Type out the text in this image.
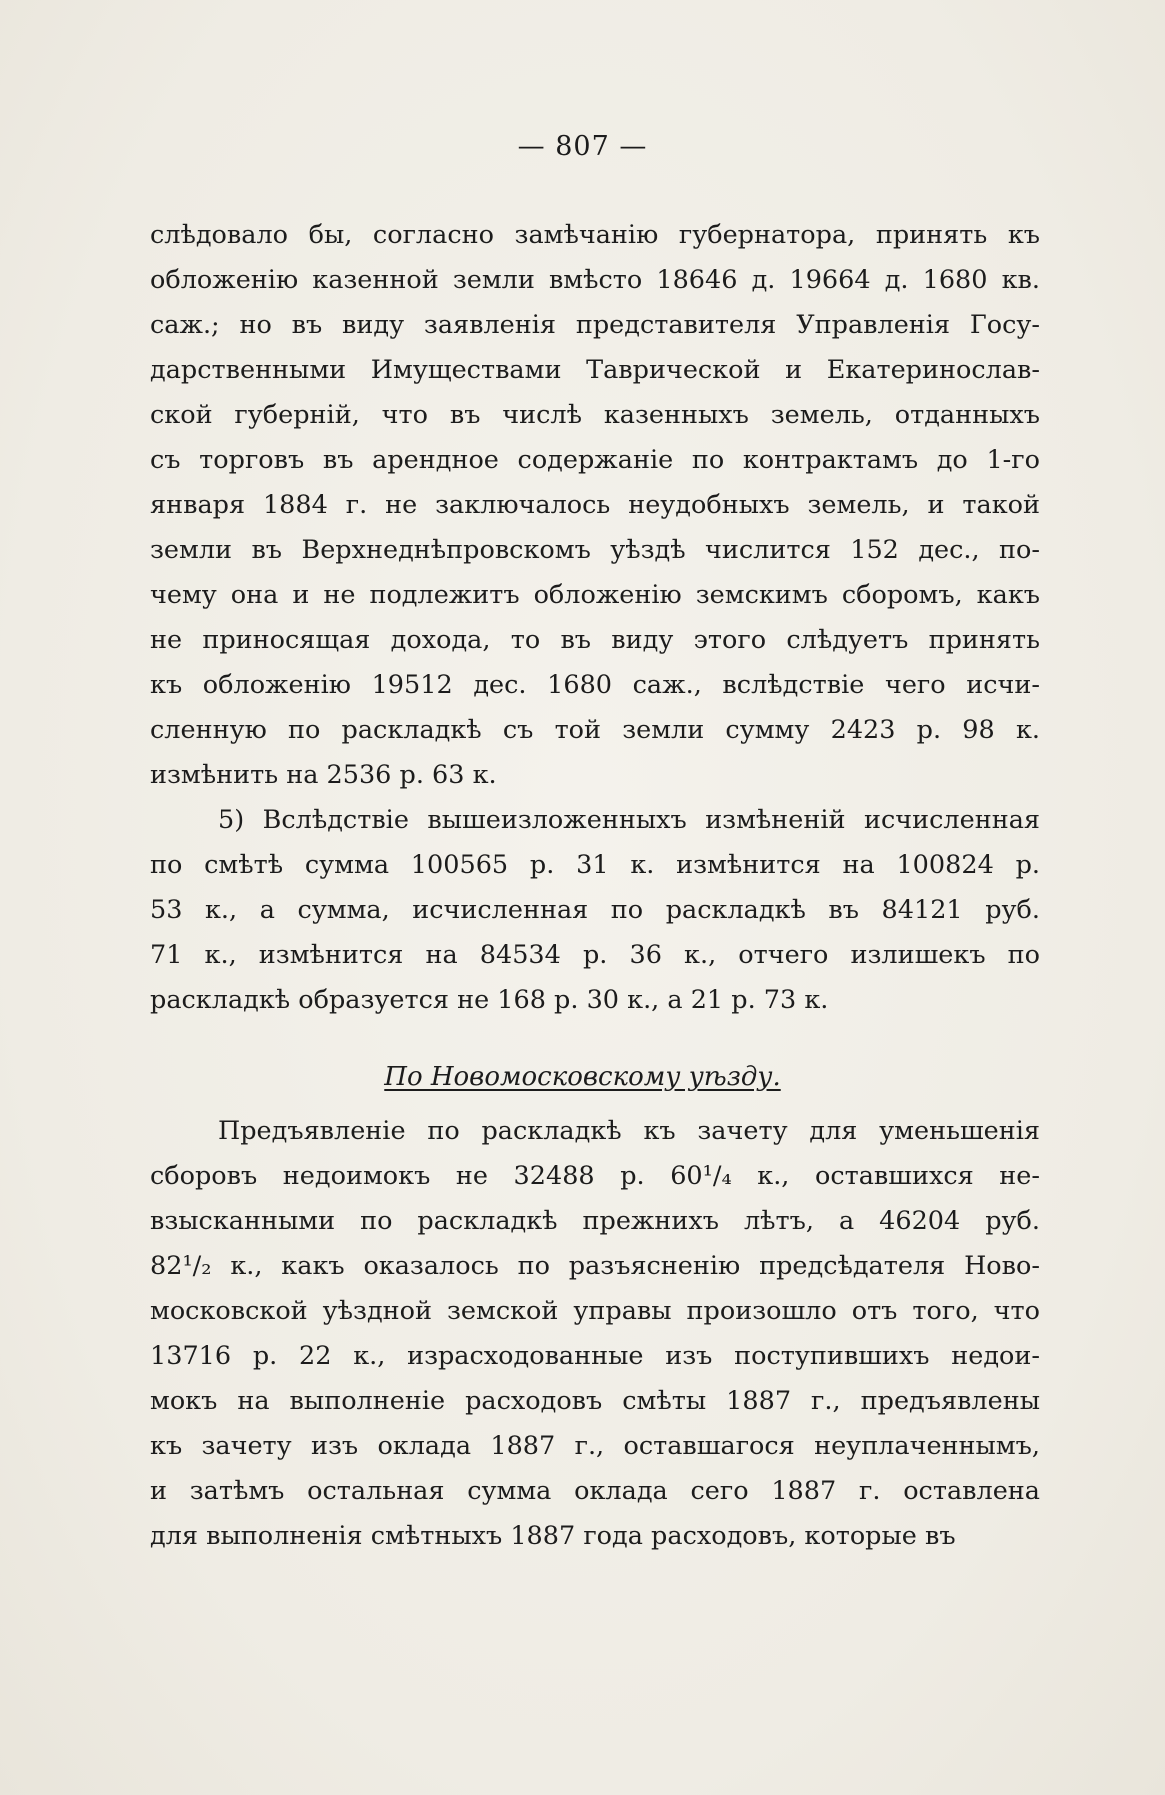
— 807 —
слѣдовало бы, согласно замѣчанію губернатора, принять къ
обложенію казенной земли вмѣсто 18646 д. 19664 д. 1680 кв.
саж.; но въ виду заявленія представителя Управленія Госу-
дарственными Имуществами Таврической и Екатеринослав-
ской губерній, что въ числѣ казенныхъ земель, отданныхъ
съ торговъ въ арендное содержаніе по контрактамъ до 1-го
января 1884 г. не заключалось неудобныхъ земель, и такой
земли въ Верхнеднѣпровскомъ уѣздѣ числится 152 дес., по-
чему она и не подлежитъ обложенію земскимъ сборомъ, какъ
не приносящая дохода, то въ виду этого слѣдуетъ принять
къ обложенію 19512 дес. 1680 саж., вслѣдствіе чего исчи-
сленную по раскладкѣ съ той земли сумму 2423 р. 98 к.
измѣнить на 2536 р. 63 к.
5) Вслѣдствіе вышеизложенныхъ измѣненій исчисленная
по смѣтѣ сумма 100565 р. 31 к. измѣнится на 100824 р.
53 к., а сумма, исчисленная по раскладкѣ въ 84121 руб.
71 к., измѣнится на 84534 р. 36 к., отчего излишекъ по
раскладкѣ образуется не 168 р. 30 к., а 21 р. 73 к.
По Новомосковскому уѣзду.
Предъявленіе по раскладкѣ къ зачету для уменьшенія
сборовъ недоимокъ не 32488 р. 60¹/₄ к., оставшихся не-
взысканными по раскладкѣ прежнихъ лѣтъ, а 46204 руб.
82¹/₂ к., какъ оказалось по разъясненію предсѣдателя Ново-
московской уѣздной земской управы произошло отъ того, что
13716 р. 22 к., израсходованные изъ поступившихъ недои-
мокъ на выполненіе расходовъ смѣты 1887 г., предъявлены
къ зачету изъ оклада 1887 г., оставшагося неуплаченнымъ,
и затѣмъ остальная сумма оклада сего 1887 г. оставлена
для выполненія смѣтныхъ 1887 года расходовъ, которые въ
